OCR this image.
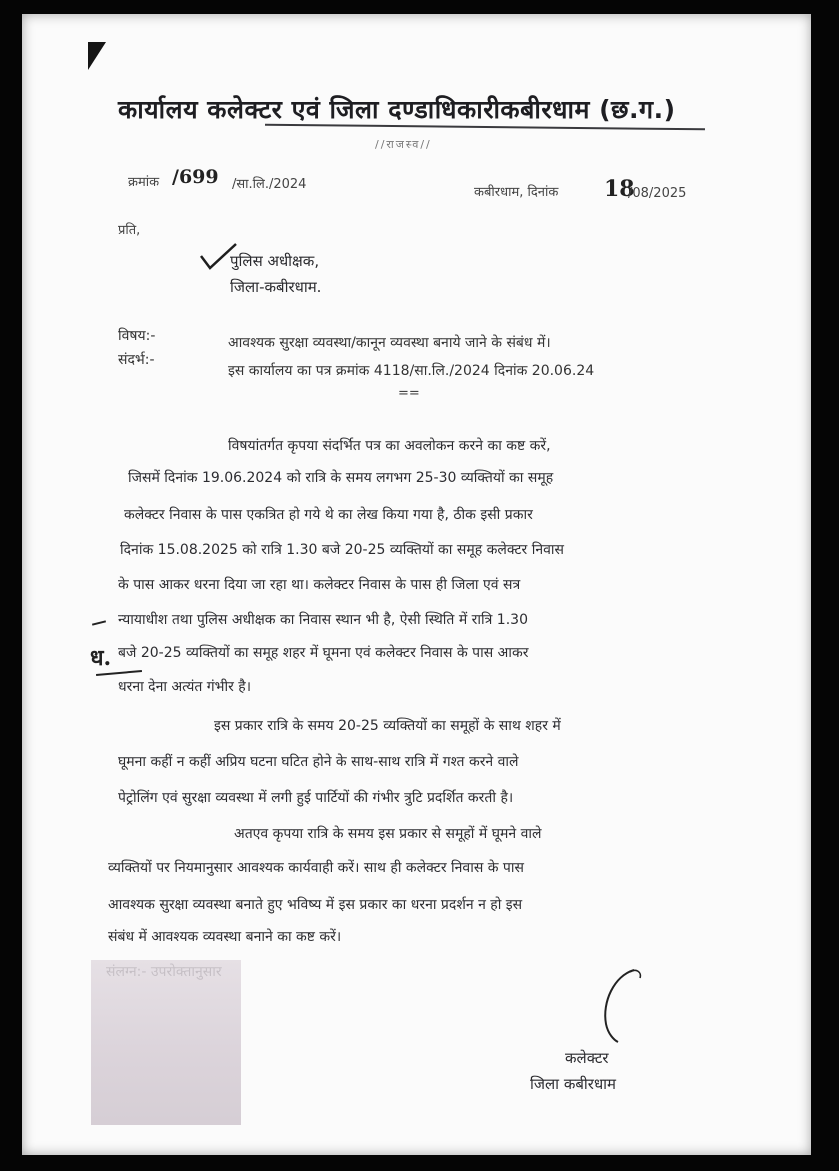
कार्यालय कलेक्टर एवं जिला दण्डाधिकारीकबीरधाम (छ.ग.)
//राजस्व//
क्रमांक /699 /सा.लि./2024
कबीरधाम, दिनांक 18
/08/2025
प्रति,
पुलिस अधीक्षक,
जिला-कबीरधाम.
विषय:-	आवश्यक सुरक्षा व्यवस्था/कानून व्यवस्था बनाये जाने के संबंध में।
संदर्भ:-
इस कार्यालय का पत्र क्रमांक 4118/सा.लि./2024 दिनांक 20.06.24
==
विषयांतर्गत कृपया संदर्भित पत्र का अवलोकन करने का कष्ट करें,
जिसमें दिनांक 19.06.2024 को रात्रि के समय लगभग 25-30 व्यक्तियों का समूह
कलेक्टर निवास के पास एकत्रित हो गये थे का लेख किया गया है, ठीक इसी प्रकार
दिनांक 15.08.2025 को रात्रि 1.30 बजे 20-25 व्यक्तियों का समूह कलेक्टर निवास
के पास आकर धरना दिया जा रहा था। कलेक्टर निवास के पास ही जिला एवं सत्र
न्यायाधीश तथा पुलिस अधीक्षक का निवास स्थान भी है, ऐसी स्थिति में रात्रि 1.30
बजे 20-25 व्यक्तियों का समूह शहर में घूमना एवं कलेक्टर निवास के पास आकर
धरना देना अत्यंत गंभीर है।
ध.
इस प्रकार रात्रि के समय 20-25 व्यक्तियों का समूहों के साथ शहर में
घूमना कहीं न कहीं अप्रिय घटना घटित होने के साथ-साथ रात्रि में गश्त करने वाले
पेट्रोलिंग एवं सुरक्षा व्यवस्था में लगी हुई पार्टियों की गंभीर त्रुटि प्रदर्शित करती है।
अतएव कृपया रात्रि के समय इस प्रकार से समूहों में घूमने वाले
व्यक्तियों पर नियमानुसार आवश्यक कार्यवाही करें। साथ ही कलेक्टर निवास के पास
आवश्यक सुरक्षा व्यवस्था बनाते हुए भविष्य में इस प्रकार का धरना प्रदर्शन न हो इस
संबंध में आवश्यक व्यवस्था बनाने का कष्ट करें।
कलेक्टर
जिला कबीरधाम
